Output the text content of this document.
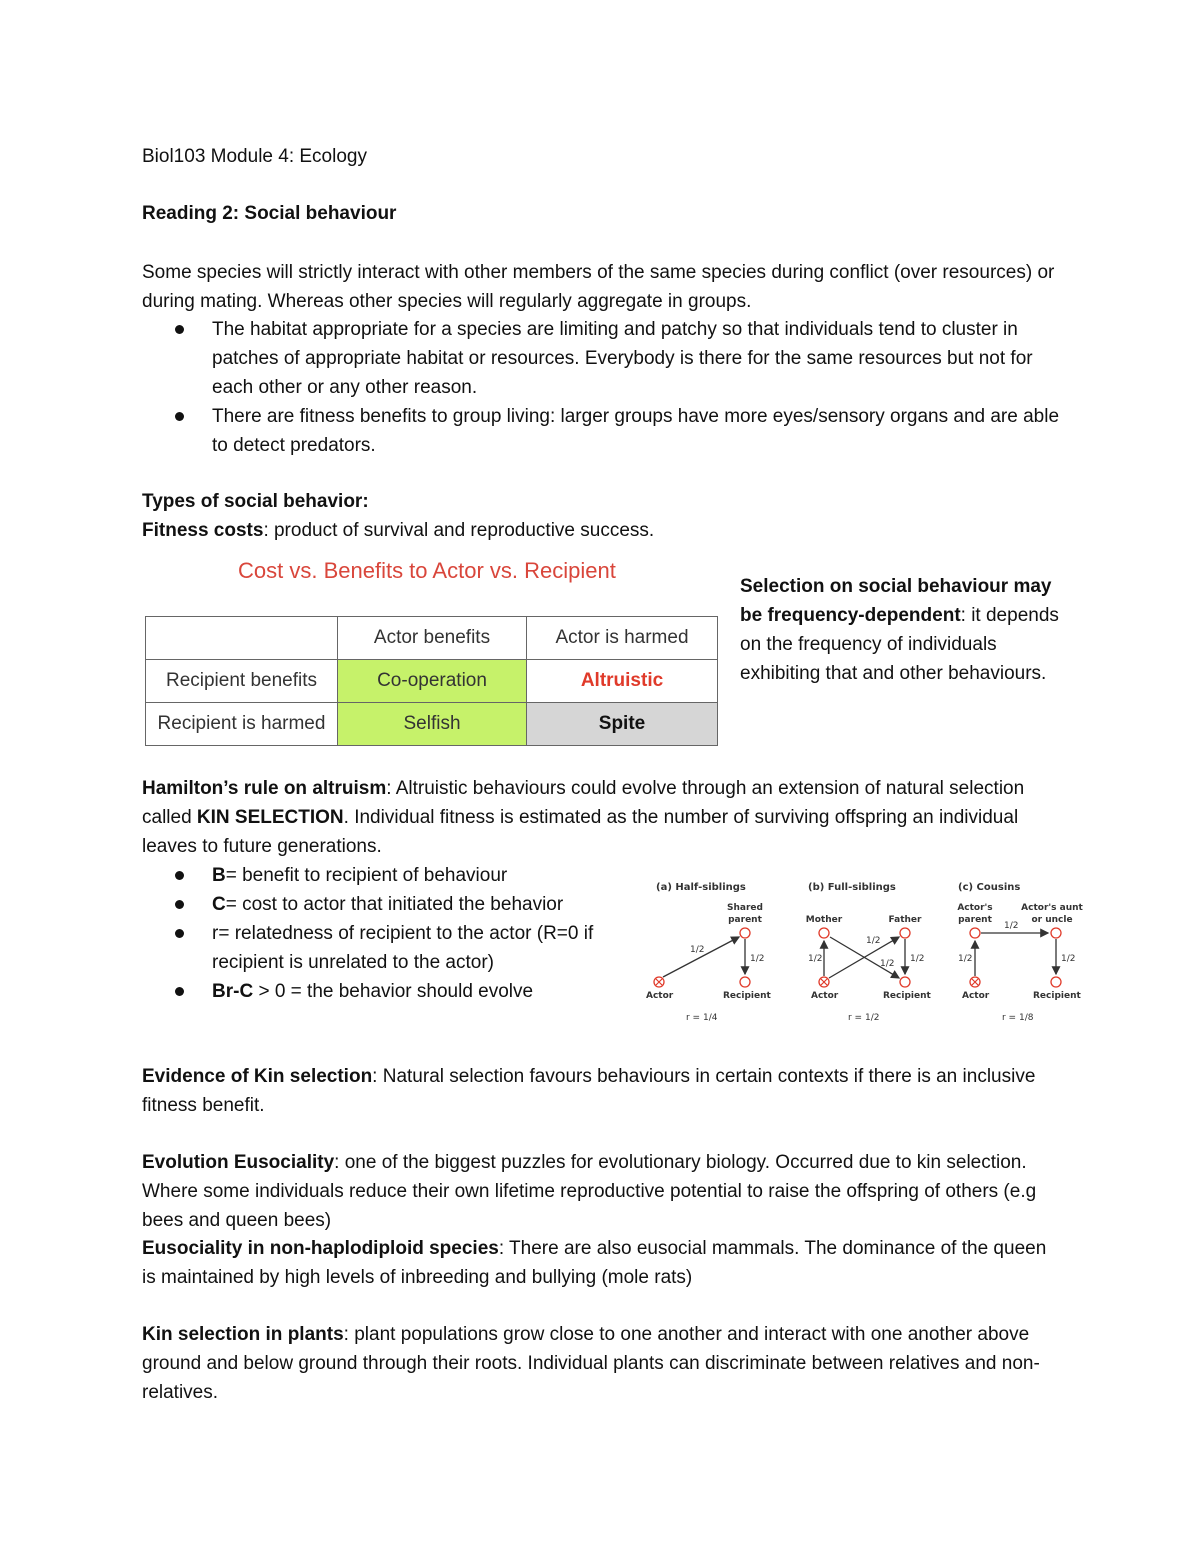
Biol103 Module 4: Ecology

Reading 2: Social behaviour

Some species will strictly interact with other members of the same species during conflict (over resources) or during mating. Whereas other species will regularly aggregate in groups.

The habitat appropriate for a species are limiting and patchy so that individuals tend to cluster in patches of appropriate habitat or resources. Everybody is there for the same resources but not for each other or any other reason.
There are fitness benefits to group living: larger groups have more eyes/sensory organs and are able to detect predators.

Types of social behavior:

Fitness costs: product of survival and reproductive success.

Cost vs. Benefits to Actor vs. Recipient
	Actor benefits	Actor is harmed
Recipient benefits	Co-operation	Altruistic
Recipient is harmed	Selfish	Spite
Selection on social behaviour may be frequency-dependent: it depends on the frequency of individuals exhibiting that and other behaviours.

Hamilton’s rule on altruism: Altruistic behaviours could evolve through an extension of natural selection called KIN SELECTION. Individual fitness is estimated as the number of surviving offspring an individual leaves to future generations.

B= benefit to recipient of behaviour
C= cost to actor that initiated the behavior
r= relatedness of recipient to the actor (R=0 if recipient is unrelated to the actor)
Br-C > 0 = the behavior should evolve
(a) Half-siblings
Shared parent
1/2
1/2
Actor	Recipient
r = 1/4
(b) Full-siblings
Mother	Father
1/2
1/2
1/2 1/2
Actor	Recipient
r = 1/2
(c) Cousins
Actor's parent
Actor's aunt or uncle
1/2
1/2
1/2
Actor	Recipient
r = 1/8

Evidence of Kin selection: Natural selection favours behaviours in certain contexts if there is an inclusive fitness benefit.

Evolution Eusociality: one of the biggest puzzles for evolutionary biology. Occurred due to kin selection. Where some individuals reduce their own lifetime reproductive potential to raise the offspring of others (e.g bees and queen bees)

Eusociality in non-haplodiploid species: There are also eusocial mammals. The dominance of the queen is maintained by high levels of inbreeding and bullying (mole rats)

Kin selection in plants: plant populations grow close to one another and interact with one another above ground and below ground through their roots. Individual plants can discriminate between relatives and non-relatives.
